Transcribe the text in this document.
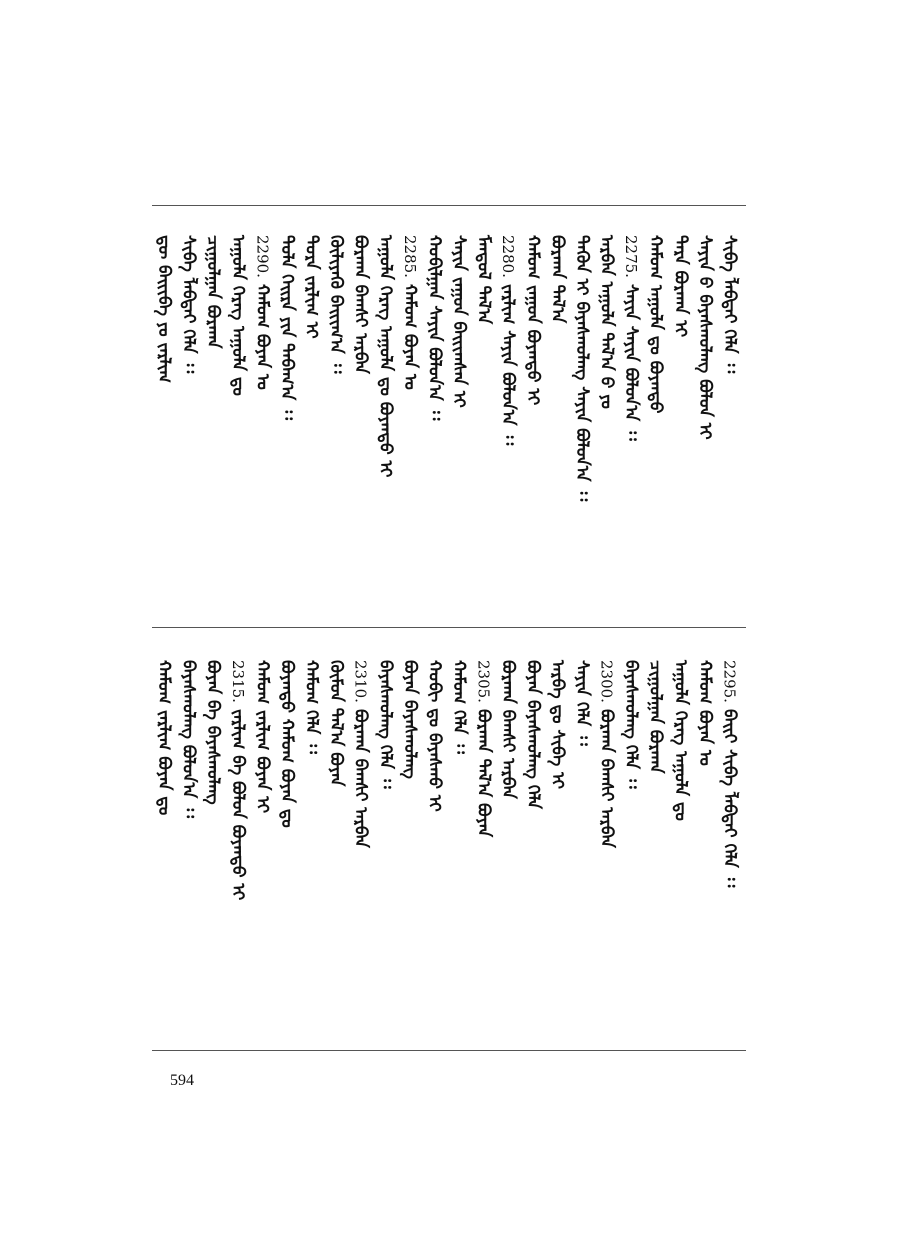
ᠳᠦ ᠪᠠᠢᠢᠪᠠ ᠶᠤ ᠵᠠᠷᠯᠢᠭ ᠰᠢᠪᠠ ᠯᠠᠪᠲᠠᠢ ᠬᠡᠯᠡ ᠄᠄ ᠴᠢᠭᠤᠯᠭᠠᠨ ᠪᠤᠷᠬᠠᠨ ᠠᠭᠤᠯᠠ ᠬᠡᠷᠡᠭ ᠠᠭᠤᠯᠠ ᠳᠤ 2290.ᠬᠠᠮᠤᠭ ᠪᠤᠶᠠᠨ ᠤ ᠲᠤᠯᠠ ᠬᠡᠢᠷᠡ ᠶᠢᠨ ᠳᠠᠪᠠᠭ᠎ᠠ ᠄᠄ ᠳᠤᠷᠠ ᠵᠠᠷᠯᠢᠭ ᠢ ᠬᠦᠯᠢᠶᠡᠬᠦ ᠪᠠᠢᠢᠭ᠎ᠠ ᠄᠄ ᠪᠤᠷᠬᠠᠨ ᠪᠠᠭᠰᠢ ᠠᠷᠪᠠᠨ ᠠᠭᠤᠯᠠ ᠬᠡᠷᠡᠭ ᠠᠭᠤᠯᠠ ᠳᠤ ᠪᠤᠶᠠᠨᠲᠤ ᠢ 2285.ᠬᠠᠮᠤᠭ ᠪᠤᠶᠠᠨ ᠤ ᠬᠤᠪᠢᠯᠭᠠᠨ ᠰᠠᠶᠢᠨ ᠪᠤᠯᠤᠨ᠎ᠠ ᠄᠄ ᠰᠠᠶᠢᠨ ᠵᠠᠭᠤᠨ ᠪᠠᠢᠢᠭᠰᠠᠨ ᠢ ᠮᠠᠨᠳᠤᠯ ᠲᠠᠯ᠎ᠠ 2280.ᠵᠠᠷᠯᠢᠭ ᠰᠠᠶᠢᠨ ᠪᠤᠯᠤᠨ᠎ᠠ ᠄᠄ ᠬᠠᠮᠤᠭ ᠵᠠᠭᠤᠨ ᠪᠤᠶᠠᠨᠲᠤ ᠢ ᠪᠤᠷᠬᠠᠨ ᠲᠠᠯ᠎ᠠ ᠲᠡᠭᠦᠨ ᠢ ᠪᠠᠶᠠᠰᠬᠤᠯᠠᠩ ᠰᠠᠶᠢᠨ ᠪᠤᠯᠤᠨ᠎ᠠ ᠄᠄ ᠠᠷᠪᠠᠨ ᠠᠭᠤᠯᠠ ᠲᠠᠯ᠎ᠠ ᠪ ᠶᠤ 2275.ᠰᠠᠶᠢᠨ ᠰᠠᠶᠢᠨ ᠪᠤᠯᠤᠨ᠎ᠠ ᠄᠄ ᠬᠠᠮᠤᠭ ᠠᠭᠤᠯᠠ ᠳᠤ ᠪᠤᠶᠠᠨᠲᠤ ᠲᠡᠷᠡ ᠪᠤᠷᠬᠠᠨ ᠢ ᠰᠠᠶᠢᠨ ᠪ ᠪᠠᠶᠠᠰᠬᠤᠯᠠᠩ ᠪᠤᠯᠤᠨ ᠢ ᠰᠢᠪᠠ ᠯᠠᠪᠲᠠᠢ ᠬᠡᠯᠡ ᠄᠄
ᠬᠠᠮᠤᠭ ᠵᠠᠷᠯᠢᠭ ᠪᠤᠶᠠᠨ ᠳᠤ ᠪᠠᠶᠠᠰᠬᠤᠯᠠᠩ ᠪᠤᠯᠤᠨ᠎ᠠ ᠄᠄ ᠪᠤᠶᠠᠨ ᠪᠠ ᠪᠠᠶᠠᠰᠬᠤᠯᠠᠩ 2315.ᠵᠠᠷᠯᠢᠭ ᠪᠠ ᠪᠤᠯᠤᠨ ᠪᠤᠶᠠᠨᠲᠤ ᠢ ᠬᠠᠮᠤᠭ ᠵᠠᠷᠯᠢᠭ ᠪᠤᠶᠠᠨ ᠢ ᠪᠤᠶᠠᠨᠲᠤ ᠬᠠᠮᠤᠭ ᠪᠤᠶᠠᠨ ᠳᠤ ᠬᠠᠮᠤᠭ ᠬᠡᠯᠡ ᠄᠄ ᠬᠦᠮᠦᠨ ᠲᠠᠯ᠎ᠠ ᠪᠤᠶᠠᠨ 2310.ᠪᠤᠷᠬᠠᠨ ᠪᠠᠭᠰᠢ ᠠᠷᠪᠠᠨ ᠪᠠᠶᠠᠰᠬᠤᠯᠠᠩ ᠬᠡᠯᠡ ᠄᠄ ᠪᠤᠶᠠᠨ ᠪᠠᠶᠠᠰᠬᠤᠯᠠᠩ ᠬᠤᠪᠢ ᠳᠤ ᠪᠠᠶᠠᠰᠬᠤ ᠢ ᠬᠠᠮᠤᠭ ᠬᠡᠯᠡ ᠄᠄ 2305.ᠪᠤᠷᠬᠠᠨ ᠲᠠᠯ᠎ᠠ ᠪᠤᠶᠠᠨ ᠪᠤᠷᠬᠠᠨ ᠪᠠᠭᠰᠢ ᠠᠷᠪᠠᠨ ᠪᠤᠶᠠᠨ ᠪᠠᠶᠠᠰᠬᠤᠯᠠᠩ ᠬᠡᠯᠡ ᠠᠷᠪᠠ ᠳᠤ ᠰᠢᠪᠠ ᠢ ᠰᠠᠶᠢᠨ ᠬᠡᠯᠡ ᠄᠄ 2300.ᠪᠤᠷᠬᠠᠨ ᠪᠠᠭᠰᠢ ᠠᠷᠪᠠᠨ ᠪᠠᠶᠠᠰᠬᠤᠯᠠᠩ ᠬᠡᠯᠡ ᠄᠄ ᠴᠢᠭᠤᠯᠭᠠᠨ ᠪᠤᠷᠬᠠᠨ ᠠᠭᠤᠯᠠ ᠬᠡᠷᠡᠭ ᠠᠭᠤᠯᠠ ᠳᠤ ᠬᠠᠮᠤᠭ ᠪᠤᠶᠠᠨ ᠤ 2295.ᠪᠠᠢᠢ ᠰᠢᠪᠠ ᠯᠠᠪᠲᠠᠢ ᠬᠡᠯᠡ ᠄᠄
594
